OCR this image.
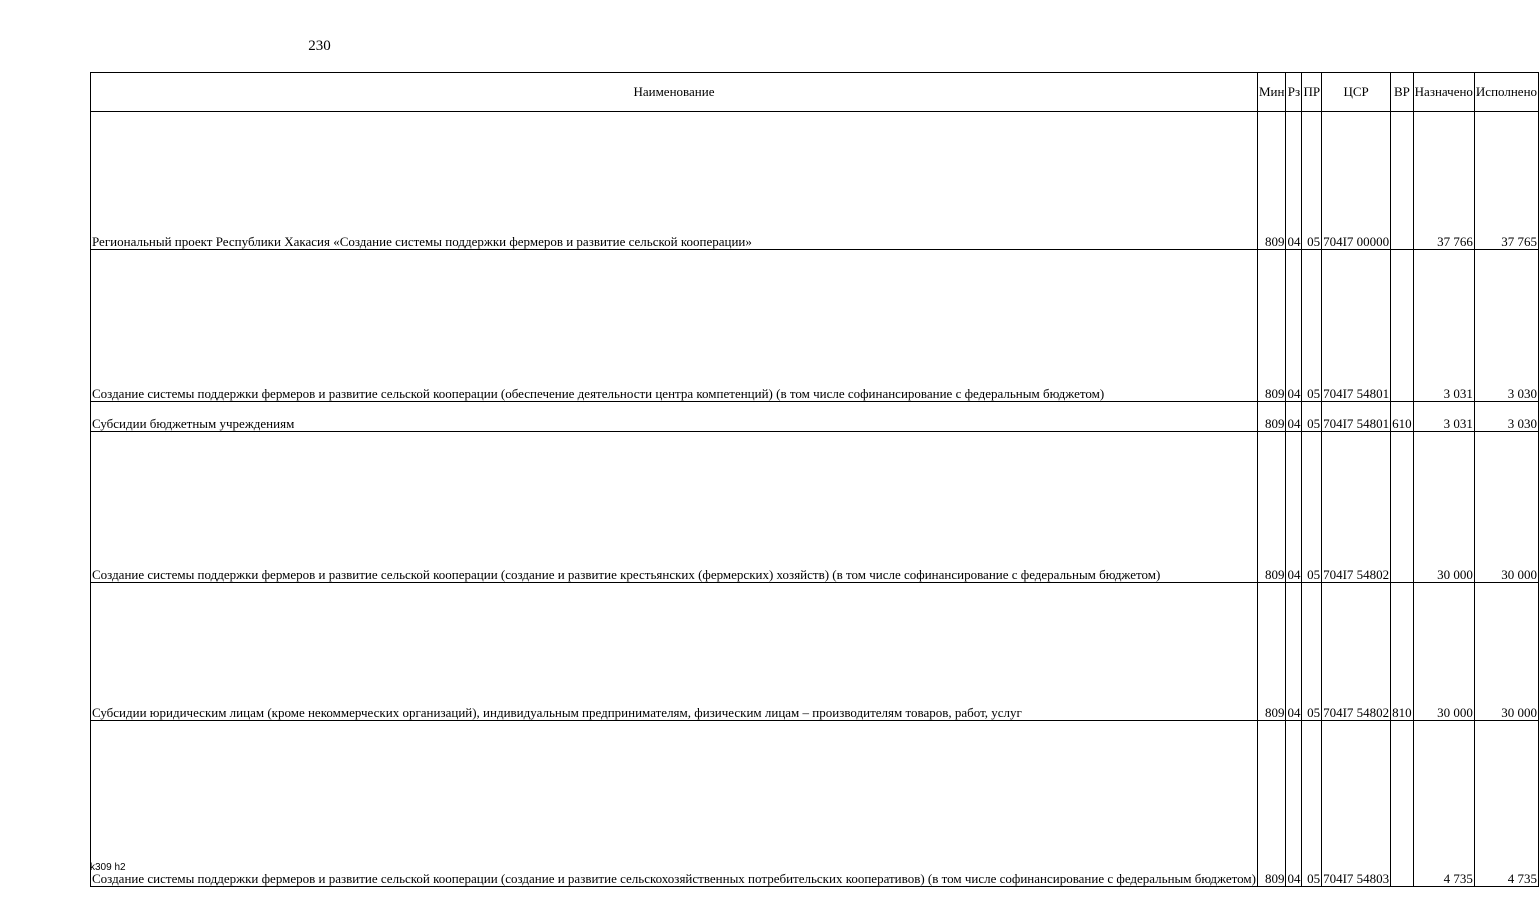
230
Наименование	Мин	Рз	ПР	ЦСР	ВР	Назначено	Исполнено
Региональный проект Республики Хакасия «Создание системы поддержки фермеров и развитие сельской кооперации»	809	04	05	704I7 00000		37 766	37 765
Создание системы поддержки фермеров и развитие сельской кооперации (обеспечение деятельности центра компетенций) (в том числе софинансирование с федеральным бюджетом)	809	04	05	704I7 54801		3 031	3 030
Субсидии бюджетным учреждениям	809	04	05	704I7 54801	610	3 031	3 030
Создание системы поддержки фермеров и развитие сельской кооперации (создание и развитие крестьянских (фермерских) хозяйств) (в том числе софинансирование с федеральным бюджетом)	809	04	05	704I7 54802		30 000	30 000
Субсидии юридическим лицам (кроме некоммерческих организаций), индивидуальным предпринимателям, физическим лицам – производителям товаров, работ, услуг	809	04	05	704I7 54802	810	30 000	30 000
Создание системы поддержки фермеров и развитие сельской кооперации (создание и развитие сельскохозяйственных потребительских кооперативов) (в том числе софинансирование с федеральным бюджетом)	809	04	05	704I7 54803		4 735	4 735
k309 h2
